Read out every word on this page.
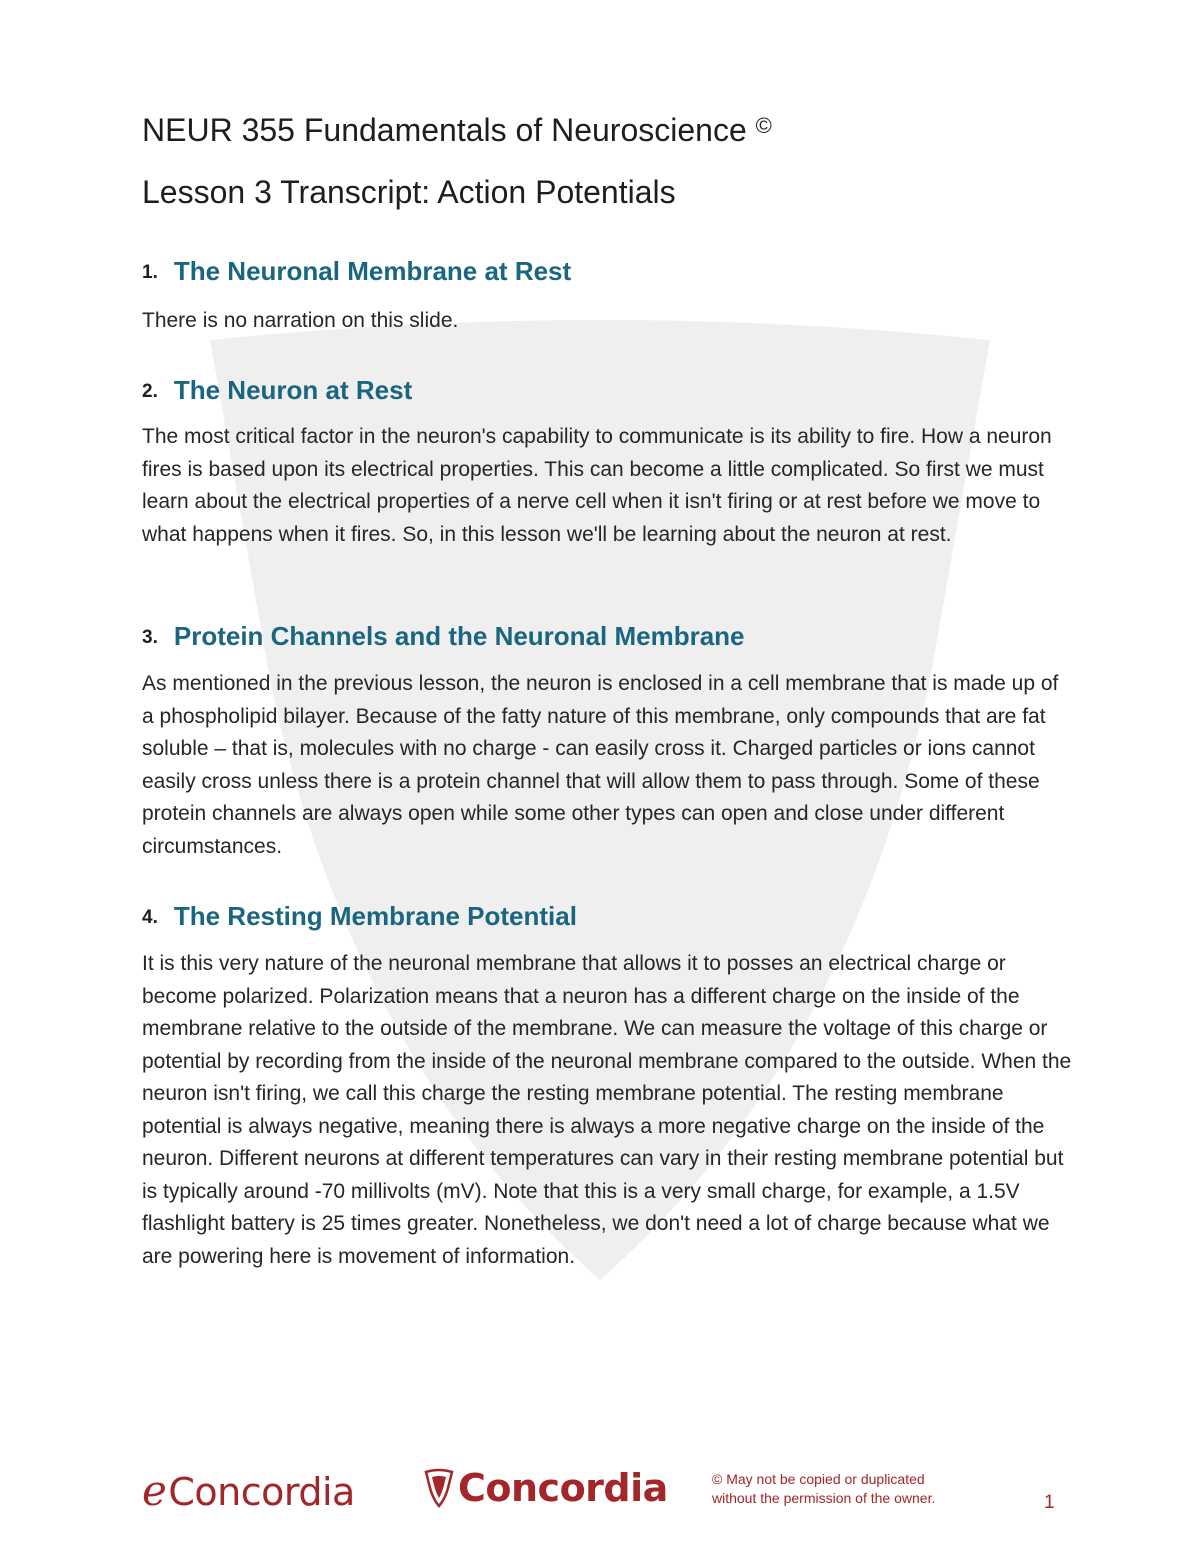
NEUR 355 Fundamentals of Neuroscience ©
Lesson 3 Transcript: Action Potentials
1. The Neuronal Membrane at Rest

There is no narration on this slide.

2. The Neuron at Rest

The most critical factor in the neuron's capability to communicate is its ability to fire. How a neuron fires is based upon its electrical properties. This can become a little complicated. So first we must learn about the electrical properties of a nerve cell when it isn't firing or at rest before we move to what happens when it fires. So, in this lesson we'll be learning about the neuron at rest.

3. Protein Channels and the Neuronal Membrane

As mentioned in the previous lesson, the neuron is enclosed in a cell membrane that is made up of a phospholipid bilayer. Because of the fatty nature of this membrane, only compounds that are fat soluble – that is, molecules with no charge - can easily cross it. Charged particles or ions cannot easily cross unless there is a protein channel that will allow them to pass through. Some of these protein channels are always open while some other types can open and close under different circumstances.

4. The Resting Membrane Potential

It is this very nature of the neuronal membrane that allows it to posses an electrical charge or become polarized. Polarization means that a neuron has a different charge on the inside of the membrane relative to the outside of the membrane. We can measure the voltage of this charge or potential by recording from the inside of the neuronal membrane compared to the outside. When the neuron isn't firing, we call this charge the resting membrane potential. The resting membrane potential is always negative, meaning there is always a more negative charge on the inside of the neuron. Different neurons at different temperatures can vary in their resting membrane potential but is typically around -70 millivolts (mV). Note that this is a very small charge, for example, a 1.5V flashlight battery is 25 times greater. Nonetheless, we don't need a lot of charge because what we are powering here is movement of information.

e Concordia	Concordia	© May not be copied or duplicated
without the permission of the owner.	1
